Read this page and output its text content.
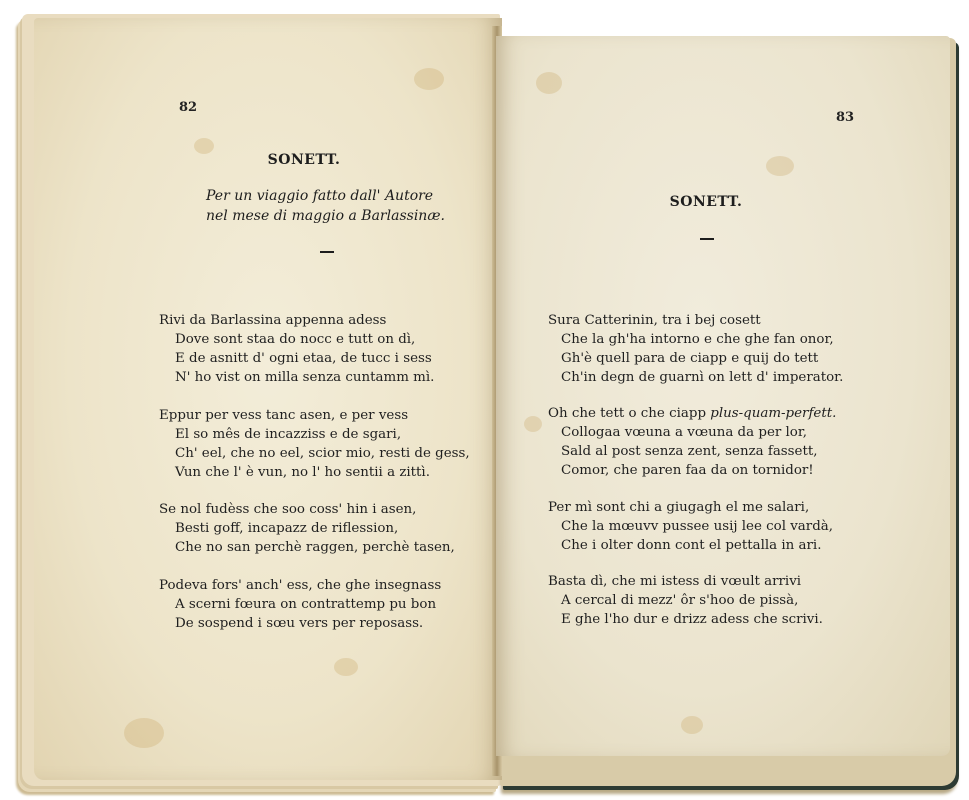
82
SONETT.
Per un viaggio fatto dall' Autore
nel mese di maggio a Barlassinæ.
Rivi da Barlassina appenna adess
Dove sont staa do nocc e tutt on dì,
E de asnitt d' ogni etaa, de tucc i sess
N' ho vist on milla senza cuntamm mì.
Eppur per vess tanc asen, e per vess
El so mês de incazziss e de sgari,
Ch' eel, che no eel, scior mio, resti de gess,
Vun che l' è vun, no l' ho sentii a zittì.
Se nol fudèss che soo coss' hin i asen,
Besti goff, incapazz de riflession,
Che no san perchè raggen, perchè tasen,
Podeva fors' anch' ess, che ghe insegnass
A scerni fœura on contrattemp pu bon
De sospend i sœu vers per reposass.
83
SONETT.
Sura Catterinin, tra i bej cosett
Che la gh'ha intorno e che ghe fan onor,
Gh'è quell para de ciapp e quij do tett
Ch'in degn de guarnì on lett d' imperator.
Oh che tett o che ciapp plus-quam-perfett.
Collogaa vœuna a vœuna da per lor,
Sald al post senza zent, senza fassett,
Comor, che paren faa da on tornidor!
Per mì sont chi a giugagh el me salari,
Che la mœuvv pussee usij lee col vardà,
Che i olter donn cont el pettalla in ari.
Basta dì, che mi istess di vœult arrivi
A cercal di mezz' ôr s'hoo de pissà,
E ghe l'ho dur e drizz adess che scrivi.
